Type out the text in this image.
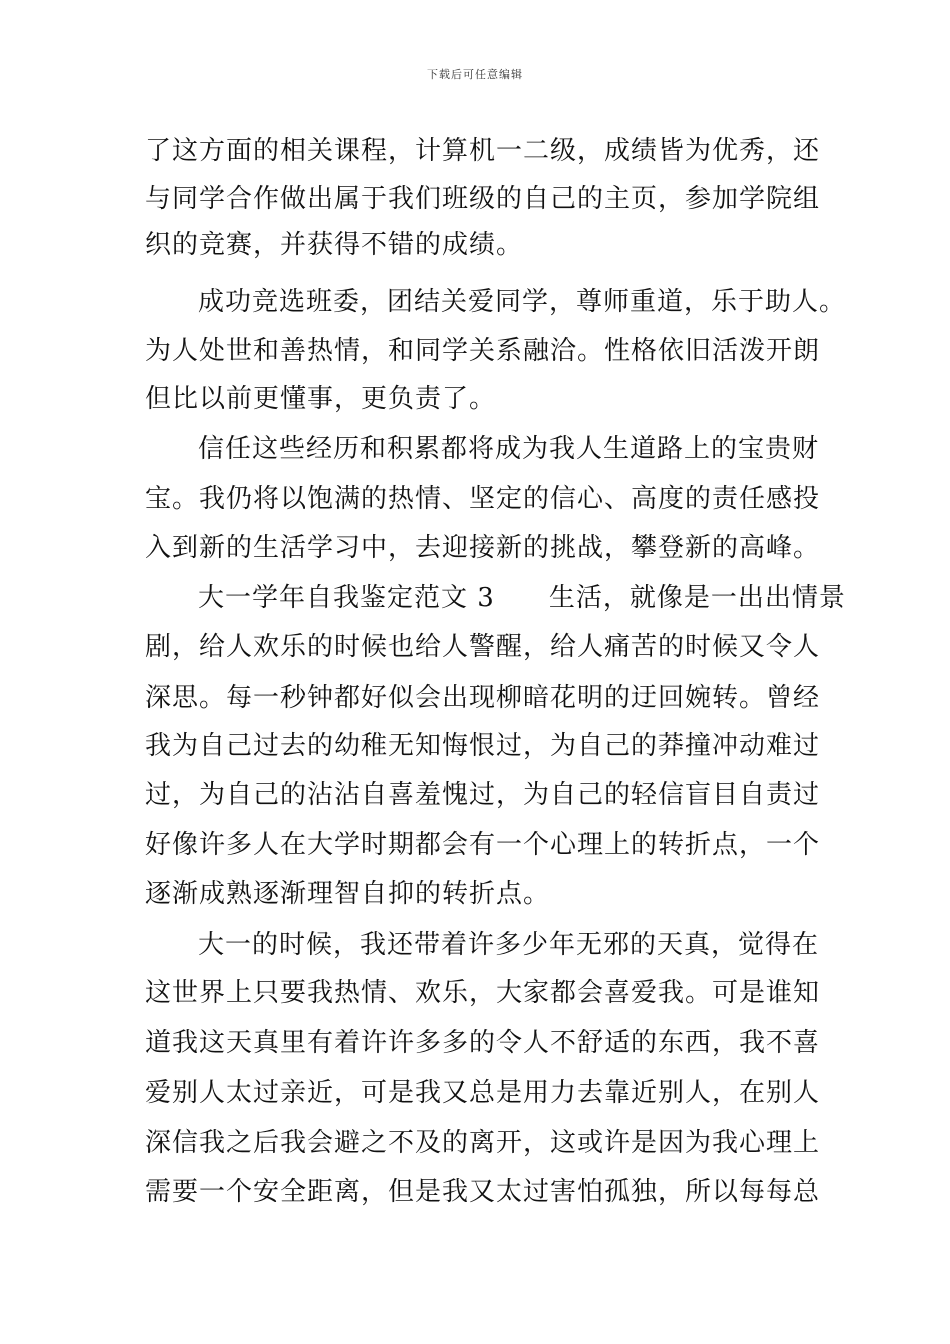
下载后可任意编辑
了这方面的相关课程，计算机一二级，成绩皆为优秀，还
与同学合作做出属于我们班级的自己的主页，参加学院组
织的竞赛，并获得不错的成绩。
成功竞选班委，团结关爱同学，尊师重道，乐于助人。
为人处世和善热情，和同学关系融洽。性格依旧活泼开朗
但比以前更懂事，更负责了。
信任这些经历和积累都将成为我人生道路上的宝贵财
宝。我仍将以饱满的热情、坚定的信心、高度的责任感投
入到新的生活学习中，去迎接新的挑战，攀登新的高峰。
大一学年自我鉴定范文 3 生活，就像是一出出情景
剧，给人欢乐的时候也给人警醒，给人痛苦的时候又令人
深思。每一秒钟都好似会出现柳暗花明的迂回婉转。曾经
我为自己过去的幼稚无知悔恨过，为自己的莽撞冲动难过
过，为自己的沾沾自喜羞愧过，为自己的轻信盲目自责过
好像许多人在大学时期都会有一个心理上的转折点，一个
逐渐成熟逐渐理智自抑的转折点。
大一的时候，我还带着许多少年无邪的天真，觉得在
这世界上只要我热情、欢乐，大家都会喜爱我。可是谁知
道我这天真里有着许许多多的令人不舒适的东西，我不喜
爱别人太过亲近，可是我又总是用力去靠近别人，在别人
深信我之后我会避之不及的离开，这或许是因为我心理上
需要一个安全距离，但是我又太过害怕孤独，所以每每总
